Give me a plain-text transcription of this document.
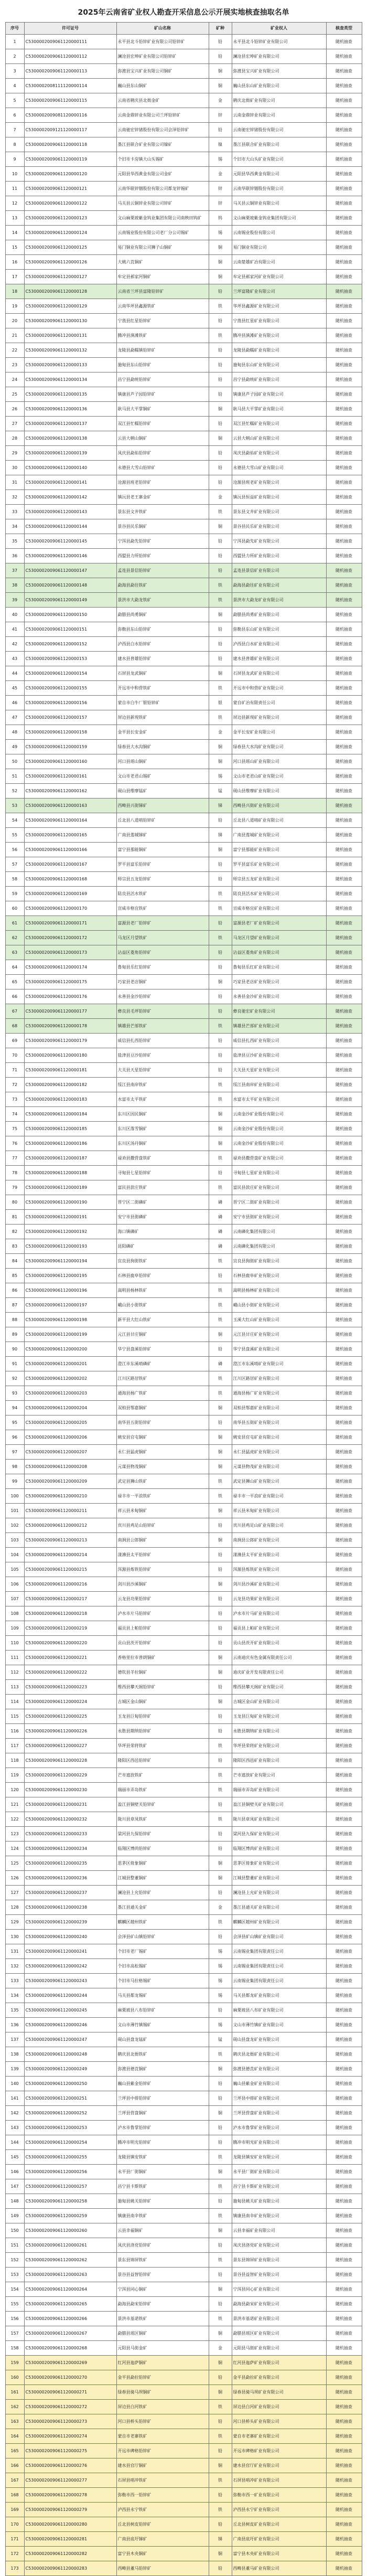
2025年云南省矿业权人勘查开采信息公示开展实地核查抽取名单
序号	许可证号	矿山名称	矿种	矿业权人	核查类型
1	C5300002009061120000111	永平县北斗铅锌矿业有限公司铅锌矿	铅	永平县北斗铅锌矿业有限公司	随机抽查
2	C5300002009061120000112	澜沧县宏坤矿业有限公司铅锌矿	铅	澜沧县宏坤矿业有限公司	随机抽查
3	C5300002009061120000113	弥渡县宝兴矿业有限公司铜矿	铜	弥渡县宝兴矿业有限公司	随机抽查
4	C5300002008111120000114	巍山县东山铜矿	铜	巍山县东山矿业有限公司	随机抽查
5	C5300002009061120000115	云南省鹤庆县北衙金矿	金	鹤庆北衙矿业有限公司	随机抽查
6	C5300002009081120000116	云南金鼎锌业有限公司兰坪铅锌矿	锌	云南金鼎锌业有限公司	随机抽查
7	C5300002009121120000117	云南驰宏锌锗股份有限公司会泽铅锌矿	铅	云南驰宏锌锗股份有限公司	随机抽查
8	C5300002009061120000118	墨江县联合矿业有限公司镍矿	镍	墨江县联合矿业有限公司	随机抽查
9	C5300002009061120000119	个旧市卡房镇大山头锡矿	锡	个旧市大山头矿业有限公司	随机抽查
10	C5300002009061120000120	元阳县华西黄金有限公司金矿	金	元阳县华西黄金有限公司	随机抽查
11	C5300002009061120000121	云南华联锌铟股份有限公司都龙锌锡矿	锌	云南华联锌铟股份有限公司	随机抽查
12	C5300002009061120000122	马关县云铜锌业有限公司锌矿	锌	马关县云铜锌业有限公司	随机抽查
13	C5300002009061120000123	文山麻栗坡紫金钨业集团有限公司南秧田钨矿	钨	文山麻栗坡紫金钨业集团有限公司	随机抽查
14	C5300002009061120000124	云南锡业股份有限公司老厂分公司锡矿	锡	云南锡业股份有限公司	随机抽查
15	C5300002009061120000125	易门铜业有限公司狮子山铜矿	铜	易门铜业有限公司	随机抽查
16	C5300002009061120000126	大姚六苴铜矿	铜	云南楚雄矿冶有限公司	随机抽查
17	C5300002009061120000127	牟定县郝家河铜矿	铜	牟定县郝家河矿业有限公司	随机抽查
18	C5300002009061120000128	云南省兰坪县富隆铅锌矿	铅	兰坪富隆矿业有限公司	随机抽查
19	C5300002009061120000129	云南华坪县鑫源铁矿	铁	华坪县鑫源矿业有限公司	随机抽查
20	C5300002009061120000130	宁蒗县红星铅锌矿	铅	宁蒗县红星矿业有限公司	随机抽查
21	C5300002009061120000131	腾冲县滇滩铁矿	铁	腾冲县滇滩矿业有限公司	随机抽查
22	C5300002009061120000132	龙陵县勐糯镇铅锌矿	铅	龙陵县勐糯矿业有限公司	随机抽查
23	C5300002009061120000133	施甸县东山铅锌矿	铅	施甸县东山矿业有限公司	随机抽查
24	C5300002009061120000134	昌宁县勐统铅锌矿	铅	昌宁县勐统矿业有限公司	随机抽查
25	C5300002009061120000135	镇康县芦子园铅锌矿	铅	镇康县芦子园矿业有限公司	随机抽查
26	C5300002009061120000136	耿马县大平掌铜矿	铜	耿马县大平掌矿业有限公司	随机抽查
27	C5300002009061120000137	双江县忙糯铅锌矿	铅	双江县忙糯矿业有限公司	随机抽查
28	C5300002009061120000138	云县大朝山铜矿	铜	云县大朝山矿业有限公司	随机抽查
29	C5300002009061120000139	凤庆县勐佑铅锌矿	铅	凤庆县勐佑矿业有限公司	随机抽查
30	C5300002009061120000140	永德县大雪山铅锌矿	铅	永德县大雪山矿业有限公司	随机抽查
31	C5300002009061120000141	沧源县班老铅锌矿	铅	沧源县班老矿业有限公司	随机抽查
32	C5300002009061120000142	镇沅县老王寨金矿	金	镇沅县恒益矿业有限公司	随机抽查
33	C5300002009061120000143	景东县文井铁矿	铁	景东县文井矿业有限公司	随机抽查
34	C5300002009061120000144	景谷县民乐铜矿	铜	景谷县民乐矿业有限公司	随机抽查
35	C5300002009061120000145	宁洱县勐先铅锌矿	铅	宁洱县勐先矿业有限公司	随机抽查
36	C5300002009061120000146	西盟县力所铅锌矿	铅	西盟县力所矿业有限公司	随机抽查
37	C5300002009061120000147	孟连县景信铅锌矿	铅	孟连县景信矿业有限公司	随机抽查
38	C5300002009061120000148	勐海县勐往铁矿	铁	勐海县勐往矿业有限公司	随机抽查
39	C5300002009061120000149	景洪市大勐龙铁矿	铁	景洪市大勐龙矿业有限公司	随机抽查
40	C5300002009061120000150	勐腊县尚勇铜矿	铜	勐腊县尚勇矿业有限公司	随机抽查
41	C5300002009061120000151	弥勒县东山铅锌矿	铅	弥勒县东山矿业有限公司	随机抽查
42	C5300002009061120000152	泸西县白水铅锌矿	铅	泸西县白水矿业有限公司	随机抽查
43	C5300002009061120000153	建水县普雄铅锌矿	铅	建水县普雄矿业有限公司	随机抽查
44	C5300002009061120000154	石屏县龙武铜矿	铜	石屏县龙武矿业有限公司	随机抽查
45	C5300002009061120000155	开远市中和营铁矿	铁	开远市中和营矿业有限公司	随机抽查
46	C5300002009061120000156	蒙自市白牛厂银铅锌矿	银	蒙自矿冶有限责任公司	随机抽查
47	C5300002009061120000157	屏边县新现铁矿	铁	屏边县新现矿业有限公司	随机抽查
48	C5300002009061120000158	金平县长安金矿	金	金平长安矿业有限公司	随机抽查
49	C5300002009061120000159	绿春县大水沟铜矿	铜	绿春县大水沟矿业有限公司	随机抽查
50	C5300002009061120000160	河口县瑶山铜矿	铜	河口县瑶山矿业有限公司	随机抽查
51	C5300002009061120000161	文山市老君山锡矿	锡	文山市老君山矿业有限公司	随机抽查
52	C5300002009061120000162	砚山县维摩锰矿	锰	砚山县维摩矿业有限公司	随机抽查
53	C5300002009061120000163	西畴县兴街锑矿	锑	西畴县兴街矿业有限公司	随机抽查
54	C5300002009061120000164	丘北县八道哨铅锌矿	铅	丘北县八道哨矿业有限公司	随机抽查
55	C5300002009061120000165	广南县莲城锑矿	锑	广南县莲城矿业有限公司	随机抽查
56	C5300002009061120000166	富宁县那能铜矿	铜	富宁县那能矿业有限公司	随机抽查
57	C5300002009061120000167	罗平县富乐铅锌矿	铅	罗平县富乐矿业有限公司	随机抽查
58	C5300002009061120000168	师宗县五龙铅锌矿	铅	师宗县五龙矿业有限公司	随机抽查
59	C5300002009061120000169	陆良县活水铁矿	铁	陆良县活水矿业有限公司	随机抽查
60	C5300002009061120000170	宣威市格宜铁矿	铁	宣威市格宜矿业有限公司	随机抽查
61	C5300002009061120000171	富源县老厂铅锌矿	铅	富源县老厂矿业有限公司	随机抽查
62	C5300002009061120000172	马龙区月望铁矿	铁	马龙区月望矿业有限公司	随机抽查
63	C5300002009061120000173	沾益区菱角铅锌矿	铅	沾益区菱角矿业有限公司	随机抽查
64	C5300002009061120000174	鲁甸县乐红铅锌矿	铅	鲁甸县乐红矿业有限公司	随机抽查
65	C5300002009061120000175	巧家县老店铜矿	铜	巧家县老店矿业有限公司	随机抽查
66	C5300002009061120000176	永善县金沙铅锌矿	铅	永善县金沙矿业有限公司	随机抽查
67	C5300002009061120000177	彝良县毛坪铅锌矿	铅	彝良驰宏矿业有限公司	随机抽查
68	C5300002009061120000178	镇雄县芒部铁矿	铁	镇雄县芒部矿业有限公司	随机抽查
69	C5300002009061120000179	威信县扎西铅锌矿	铅	威信县扎西矿业有限公司	随机抽查
70	C5300002009061120000180	盐津县豆沙铅锌矿	铅	盐津县豆沙矿业有限公司	随机抽查
71	C5300002009061120000181	大关县天星铅锌矿	铅	大关县天星矿业有限公司	随机抽查
72	C5300002009061120000182	绥江县南岸铁矿	铁	绥江县南岸矿业有限公司	随机抽查
73	C5300002009061120000183	水富市太平铁矿	铁	水富市太平矿业有限公司	随机抽查
74	C5300002009061120000184	东川区因民铜矿	铜	云南金沙矿业股份有限公司	随机抽查
75	C5300002009061120000185	东川区落雪铜矿	铜	云南金沙矿业股份有限公司	随机抽查
76	C5300002009061120000186	东川区汤丹铜矿	铜	云南金沙矿业股份有限公司	随机抽查
77	C5300002009061120000187	禄劝县撒营盘铁矿	铁	禄劝县撒营盘矿业有限公司	随机抽查
78	C5300002009061120000188	寻甸县七星铅锌矿	铅	寻甸县七星矿业有限公司	随机抽查
79	C5300002009061120000189	富民县款庄铁矿	铁	富民县款庄矿业有限公司	随机抽查
80	C5300002009061120000190	晋宁区二街磷矿	磷	晋宁区二街矿业有限公司	随机抽查
81	C5300002009061120000191	安宁市县街磷矿	磷	安宁市县街矿业有限公司	随机抽查
82	C5300002009061120000192	海口镇磷矿	磷	云南磷化集团有限公司	随机抽查
83	C5300002009061120000193	昆阳磷矿	磷	云南磷化集团有限公司	随机抽查
84	C5300002009061120000194	宜良县狗街铁矿	铁	宜良县狗街矿业有限公司	随机抽查
85	C5300002009061120000195	石林县鹿阜铅锌矿	铅	石林县鹿阜矿业有限公司	随机抽查
86	C5300002009061120000196	嵩明县杨林铁矿	铁	嵩明县杨林矿业有限公司	随机抽查
87	C5300002009061120000197	峨山县小街铁矿	铁	峨山县小街矿业有限公司	随机抽查
88	C5300002009061120000198	新平县大红山铁矿	铁	玉溪大红山矿业有限公司	随机抽查
89	C5300002009061120000199	元江县甘庄铜矿	铜	元江县甘庄矿业有限公司	随机抽查
90	C5300002009061120000200	华宁县盘溪铅锌矿	铅	华宁县盘溪矿业有限公司	随机抽查
91	C5300002009061120000201	澄江市东溪哨磷矿	磷	澄江市东溪哨矿业有限公司	随机抽查
92	C5300002009061120000202	江川区路居铁矿	铁	江川区路居矿业有限公司	随机抽查
93	C5300002009061120000203	通海县杨广铁矿	铁	通海县杨广矿业有限公司	随机抽查
94	C5300002009061120000204	双柏县鄂嘉铜矿	铜	双柏县鄂嘉矿业有限公司	随机抽查
95	C5300002009061120000205	南华县五街铅锌矿	铅	南华县五街矿业有限公司	随机抽查
96	C5300002009061120000206	姚安县官屯铜矿	铜	姚安县官屯矿业有限公司	随机抽查
97	C5300002009061120000207	永仁县猛虎铜矿	铜	永仁县猛虎矿业有限公司	随机抽查
98	C5300002009061120000208	元谋县物茂铜矿	铜	元谋县物茂矿业有限公司	随机抽查
99	C5300002009061120000209	武定县狮山铁矿	铁	武定县狮山矿业有限公司	随机抽查
100	C5300002009061120000210	禄丰市一平浪铁矿	铁	禄丰市一平浪矿业有限公司	随机抽查
101	C5300002009061120000211	祥云县米甸铜矿	铜	祥云县米甸矿业有限公司	随机抽查
102	C5300002009061120000212	宾川县鸡足山铅锌矿	铅	宾川县鸡足山矿业有限公司	随机抽查
103	C5300002009061120000213	南涧县公郎铜矿	铜	南涧县公郎矿业有限公司	随机抽查
104	C5300002009061120000214	漾濞县太平铅锌矿	铅	漾濞县太平矿业有限公司	随机抽查
105	C5300002009061120000215	洱源县炼铁铅锌矿	铅	洱源县炼铁矿业有限公司	随机抽查
106	C5300002009061120000216	剑川县沙溪铜矿	铜	剑川县沙溪矿业有限公司	随机抽查
107	C5300002009061120000217	云龙县功果铅锌矿	铅	云龙县功果矿业有限公司	随机抽查
108	C5300002009061120000218	泸水市片马铅锌矿	铅	泸水市片马矿业有限公司	随机抽查
109	C5300002009061120000219	福贡县上帕铅锌矿	铅	福贡县上帕矿业有限公司	随机抽查
110	C5300002009061120000220	贡山县茨开铅锌矿	铅	贡山县茨开矿业有限公司	随机抽查
111	C5300002009061120000221	香格里拉市普朗铜矿	铜	云南迪庆有色金属有限责任公司	随机抽查
112	C5300002009061120000222	德钦县羊拉铜矿	铜	迪庆矿业开发有限责任公司	随机抽查
113	C5300002009061120000223	维西县攀天阁铅锌矿	铅	维西县攀天阁矿业有限公司	随机抽查
114	C5300002009061120000224	古城区金山铜矿	铜	古城区金山矿业有限公司	随机抽查
115	C5300002009061120000225	玉龙县巨甸铅锌矿	铅	玉龙县巨甸矿业有限公司	随机抽查
116	C5300002009061120000226	永胜县期纳铅锌矿	铅	永胜县期纳矿业有限公司	随机抽查
117	C5300002009061120000227	华坪县荣将铁矿	铁	华坪县荣将矿业有限公司	随机抽查
118	C5300002009061120000228	隆阳区西邑铅锌矿	铅	隆阳区西邑矿业有限公司	随机抽查
119	C5300002009061120000229	芒市遮放铁矿	铁	芒市遮放矿业有限公司	随机抽查
120	C5300002009061120000230	瑞丽市弄岛铁矿	铁	瑞丽市弄岛矿业有限公司	随机抽查
121	C5300002009061120000231	盈江县铜壁关铅锌矿	铅	盈江县铜壁关矿业有限公司	随机抽查
122	C5300002009061120000232	陇川县章凤铁矿	铁	陇川县章凤矿业有限公司	随机抽查
123	C5300002009061120000233	梁河县九保铅锌矿	铅	梁河县九保矿业有限公司	随机抽查
124	C5300002009061120000234	临翔区博尚铅锌矿	铅	临翔区博尚矿业有限公司	随机抽查
125	C5300002009061120000235	思茅区倚象铜矿	铜	思茅区倚象矿业有限公司	随机抽查
126	C5300002009061120000236	江城县整董铜矿	铜	江城县整董矿业有限公司	随机抽查
127	C5300002009061120000237	澜沧县上允铅锌矿	铅	澜沧县上允矿业有限公司	随机抽查
128	C5300002009061120000238	墨江县通关金矿	金	墨江县通关矿业有限公司	随机抽查
129	C5300002009061120000239	麒麟区越州铁矿	铁	麒麟区越州矿业有限公司	随机抽查
130	C5300002009061120000240	会泽县矿山镇铅锌矿	铅	会泽县矿山镇矿业有限公司	随机抽查
131	C5300002009061120000241	个旧市老厂锡矿	锡	云南锡业集团有限责任公司	随机抽查
132	C5300002009061120000242	个旧市高松锡矿	锡	云南锡业集团有限责任公司	随机抽查
133	C5300002009061120000243	个旧市马拉格锡矿	锡	云南锡业集团有限责任公司	随机抽查
134	C5300002009061120000244	马关县都龙锡矿	锡	马关县都龙矿业有限公司	随机抽查
135	C5300002009061120000245	麻栗坡县八布铅锌矿	铅	麻栗坡县八布矿业有限公司	随机抽查
136	C5300002009061120000246	文山市薄竹镇锡矿	锡	文山市薄竹镇矿业有限公司	随机抽查
137	C5300002009061120000247	砚山县盘龙锰矿	锰	砚山县盘龙矿业有限公司	随机抽查
138	C5300002009061120000248	鹤庆县北衙铁矿	铁	鹤庆县北衙矿业有限公司	随机抽查
139	C5300002009061120000249	弥渡县德苴铜矿	铜	弥渡县德苴矿业有限公司	随机抽查
140	C5300002009061120000250	巍山县紫金铅锌矿	铅	巍山县紫金矿业有限公司	随机抽查
141	C5300002009061120000251	兰坪县中排铅锌矿	铅	兰坪县中排矿业有限公司	随机抽查
142	C5300002009061120000252	兰坪县营盘铜矿	铜	兰坪县营盘矿业有限公司	随机抽查
143	C5300002009061120000253	泸水市鲁掌铅锌矿	铅	泸水市鲁掌矿业有限公司	随机抽查
144	C5300002009061120000254	腾冲市明光铅锌矿	铅	腾冲市明光矿业有限公司	随机抽查
145	C5300002009061120000255	龙陵县镇安铁矿	铁	龙陵县镇安矿业有限公司	随机抽查
146	C5300002009061120000256	永平县厂街铜矿	铜	永平县厂街矿业有限公司	随机抽查
147	C5300002009061120000257	昌宁县卡斯铁矿	铁	昌宁县卡斯矿业有限公司	随机抽查
148	C5300002009061120000258	施甸县姚关铅锌矿	铅	施甸县姚关矿业有限公司	随机抽查
149	C5300002009061120000259	镇康县南伞铁矿	铁	镇康县南伞矿业有限公司	随机抽查
150	C5300002009061120000260	云县幸福铜矿	铜	云县幸福矿业有限公司	随机抽查
151	C5300002009061120000261	凤庆县洛党铅锌矿	铅	凤庆县洛党矿业有限公司	随机抽查
152	C5300002009061120000262	景东县锦屏铁矿	铁	景东县锦屏矿业有限公司	随机抽查
153	C5300002009061120000263	景谷县益智铅锌矿	铅	景谷县益智矿业有限公司	随机抽查
154	C5300002009061120000264	宁洱县同心铜矿	铜	宁洱县同心矿业有限公司	随机抽查
155	C5300002009061120000265	勐海县勐宋铅锌矿	铅	勐海县勐宋矿业有限公司	随机抽查
156	C5300002009061120000266	景洪市基诺铁矿	铁	景洪市基诺矿业有限公司	随机抽查
157	C5300002009061120000267	勐腊县瑶区铜矿	铜	勐腊县瑶区矿业有限公司	随机抽查
158	C5300002009061120000268	元阳县马街金矿	金	元阳县马街矿业有限公司	随机抽查
159	C5300002009061120000269	红河县迤萨铜矿	铜	红河县迤萨矿业有限公司	随机抽查
160	C5300002009061120000270	金平县勐拉铅锌矿	铅	金平县勐拉矿业有限公司	随机抽查
161	C5300002009061120000271	绿春县骑马坝铜矿	铜	绿春县骑马坝矿业有限公司	随机抽查
162	C5300002009061120000272	屏边县白河铁矿	铁	屏边县白河矿业有限公司	随机抽查
163	C5300002009061120000273	河口县桥头铅锌矿	铅	河口县桥头矿业有限公司	随机抽查
164	C5300002009061120000274	蒙自市老寨铁矿	铁	蒙自市老寨矿业有限公司	随机抽查
165	C5300002009061120000275	开远市碑格铅锌矿	铅	开远市碑格矿业有限公司	随机抽查
166	C5300002009061120000276	建水县官厅铜矿	铜	建水县官厅矿业有限公司	随机抽查
167	C5300002009061120000277	石屏县哨冲铁矿	铁	石屏县哨冲矿业有限公司	随机抽查
168	C5300002009061120000278	弥勒市西一铅锌矿	铅	弥勒市西一矿业有限公司	随机抽查
169	C5300002009061120000279	泸西县永宁铁矿	铁	泸西县永宁矿业有限公司	随机抽查
170	C5300002009061120000280	丘北县树皮铅锌矿	铅	丘北县树皮矿业有限公司	随机抽查
171	C5300002009061120000281	广南县底圩锑矿	锑	广南县底圩矿业有限公司	随机抽查
172	C5300002009061120000282	富宁县木央铜矿	铜	富宁县木央矿业有限公司	随机抽查
173	C5300002009061120000283	西畴县董马铅锌矿	铅	西畴县董马矿业有限公司	随机抽查
